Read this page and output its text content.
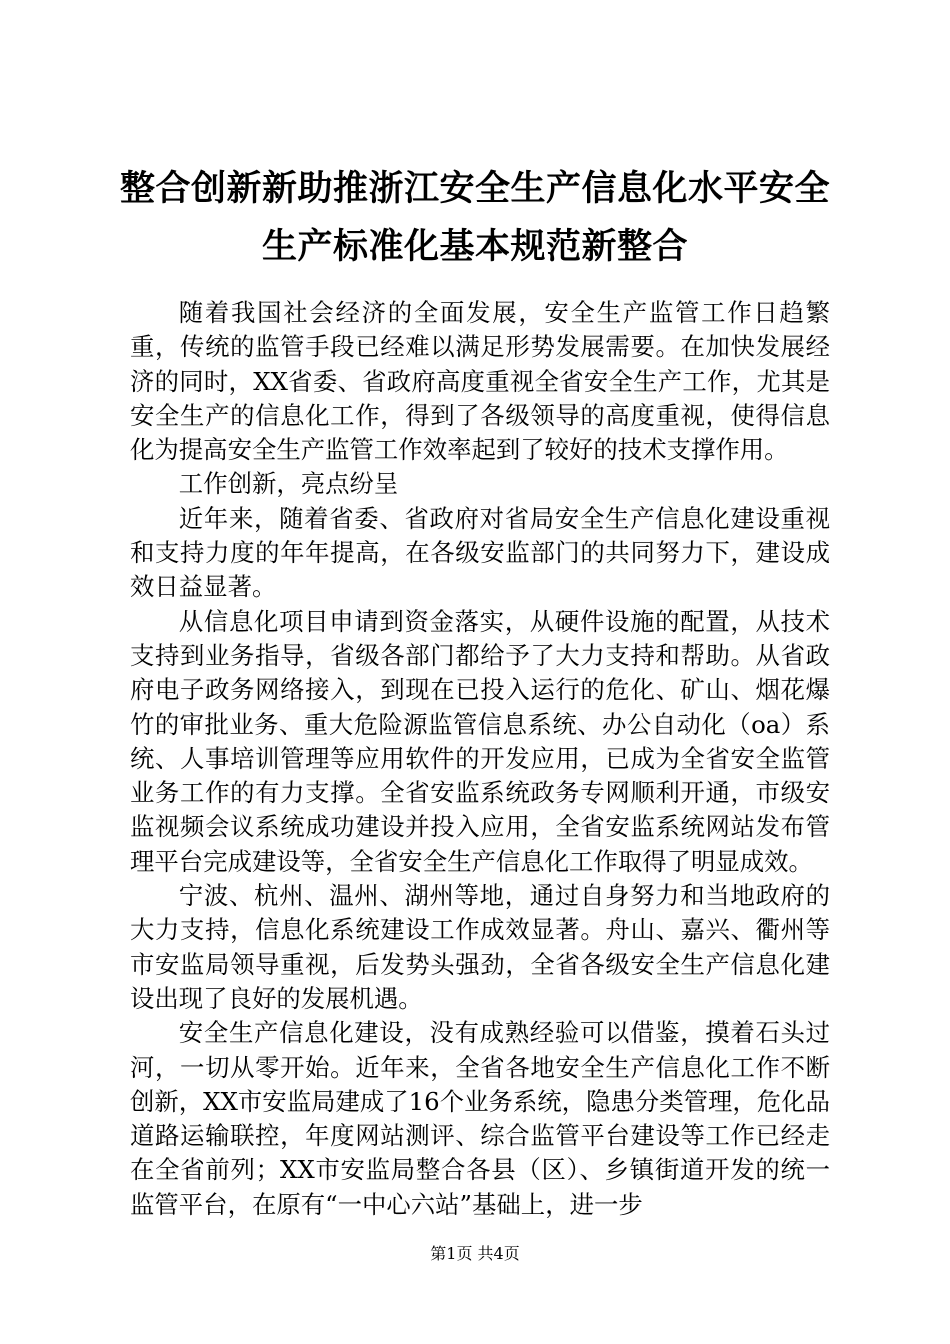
整合创新新助推浙江安全生产信息化水平安全生产标准化基本规范新整合

随着我国社会经济的全面发展，安全生产监管工作日趋繁重，传统的监管手段已经难以满足形势发展需要。在加快发展经济的同时，XX省委、省政府高度重视全省安全生产工作，尤其是安全生产的信息化工作，得到了各级领导的高度重视，使得信息化为提高安全生产监管工作效率起到了较好的技术支撑作用。

工作创新，亮点纷呈

近年来，随着省委、省政府对省局安全生产信息化建设重视和支持力度的年年提高，在各级安监部门的共同努力下，建设成效日益显著。

从信息化项目申请到资金落实，从硬件设施的配置，从技术支持到业务指导，省级各部门都给予了大力支持和帮助。从省政府电子政务网络接入，到现在已投入运行的危化、矿山、烟花爆竹的审批业务、重大危险源监管信息系统、办公自动化（oa）系统、人事培训管理等应用软件的开发应用，已成为全省安全监管业务工作的有力支撑。全省安监系统政务专网顺利开通，市级安监视频会议系统成功建设并投入应用，全省安监系统网站发布管理平台完成建设等，全省安全生产信息化工作取得了明显成效。

宁波、杭州、温州、湖州等地，通过自身努力和当地政府的大力支持，信息化系统建设工作成效显著。舟山、嘉兴、衢州等市安监局领导重视，后发势头强劲，全省各级安全生产信息化建设出现了良好的发展机遇。

安全生产信息化建设，没有成熟经验可以借鉴，摸着石头过河，一切从零开始。近年来，全省各地安全生产信息化工作不断创新，XX市安监局建成了16个业务系统，隐患分类管理，危化品道路运输联控，年度网站测评、综合监管平台建设等工作已经走在全省前列；XX市安监局整合各县（区）、乡镇街道开发的统一监管平台，在原有“一中心六站”基础上，进一步

第1页 共4页
